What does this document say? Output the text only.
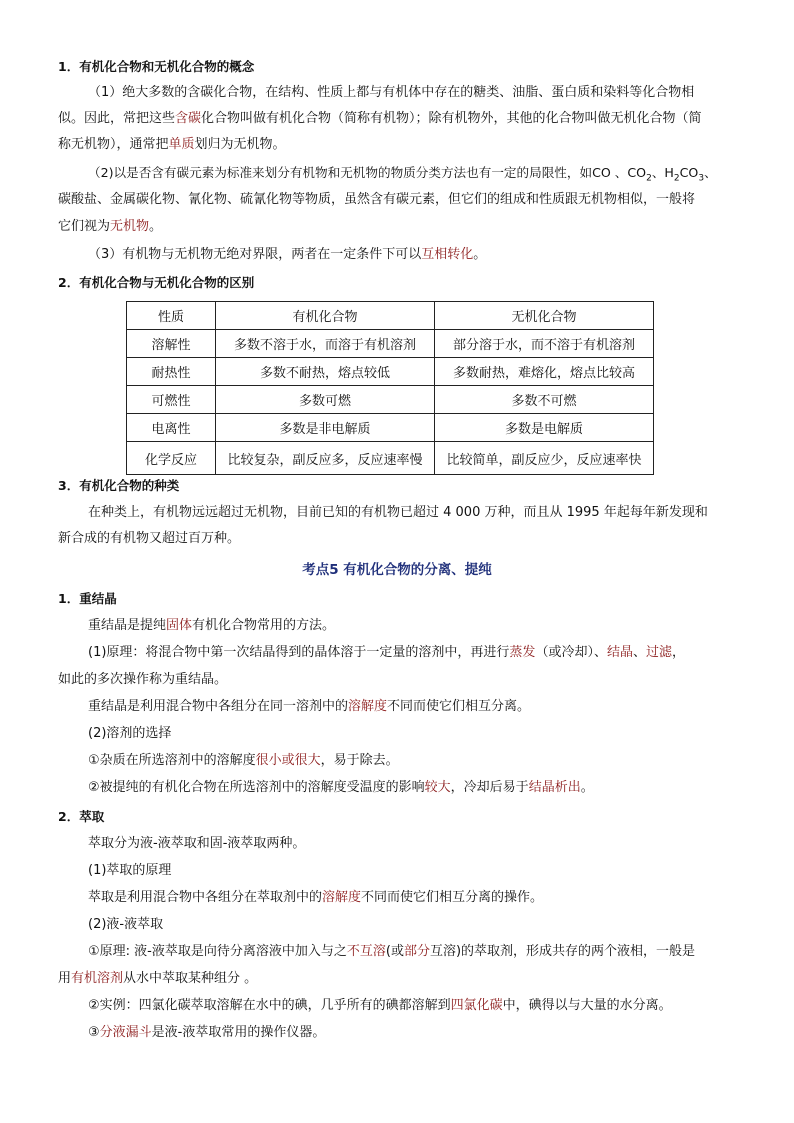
1．有机化合物和无机化合物的概念
（1）绝大多数的含碳化合物，在结构、性质上都与有机体中存在的糖类、油脂、蛋白质和染料等化合物相
似。因此，常把这些含碳化合物叫做有机化合物（简称有机物）；除有机物外，其他的化合物叫做无机化合物（简
称无机物），通常把单质划归为无机物。
（2)以是否含有碳元素为标准来划分有机物和无机物的物质分类方法也有一定的局限性，如CO 、$CO_2$、$H_2CO_3$、
碳酸盐、金属碳化物、氰化物、硫氰化物等物质，虽然含有碳元素，但它们的组成和性质跟无机物相似，一般将
它们视为无机物。
（3）有机物与无机物无绝对界限，两者在一定条件下可以互相转化。
2．有机化合物与无机化合物的区别
性质	有机化合物	无机化合物
溶解性	多数不溶于水，而溶于有机溶剂	部分溶于水，而不溶于有机溶剂
耐热性	多数不耐热，熔点较低	多数耐热，难熔化，熔点比较高
可燃性	多数可燃	多数不可燃
电离性	多数是非电解质	多数是电解质
化学反应	比较复杂，副反应多，反应速率慢	比较简单，副反应少，反应速率快
3．有机化合物的种类
在种类上，有机物远远超过无机物，目前已知的有机物已超过 4 000 万种，而且从 1995 年起每年新发现和
新合成的有机物又超过百万种。
考点5 有机化合物的分离、提纯
1．重结晶
重结晶是提纯固体有机化合物常用的方法。
(1)原理：将混合物中第一次结晶得到的晶体溶于一定量的溶剂中，再进行蒸发（或冷却）、结晶、过滤，
如此的多次操作称为重结晶。
重结晶是利用混合物中各组分在同一溶剂中的溶解度不同而使它们相互分离。
(2)溶剂的选择
①杂质在所选溶剂中的溶解度很小或很大，易于除去。
②被提纯的有机化合物在所选溶剂中的溶解度受温度的影响较大，冷却后易于结晶析出。
2．萃取
萃取分为液-液萃取和固-液萃取两种。
(1)萃取的原理
萃取是利用混合物中各组分在萃取剂中的溶解度不同而使它们相互分离的操作。
(2)液-液萃取
①原理: 液-液萃取是向待分离溶液中加入与之不互溶(或部分互溶)的萃取剂，形成共存的两个液相，一般是
用有机溶剂从水中萃取某种组分 。
②实例：四氯化碳萃取溶解在水中的碘，几乎所有的碘都溶解到四氯化碳中，碘得以与大量的水分离。
③分液漏斗是液-液萃取常用的操作仪器。
